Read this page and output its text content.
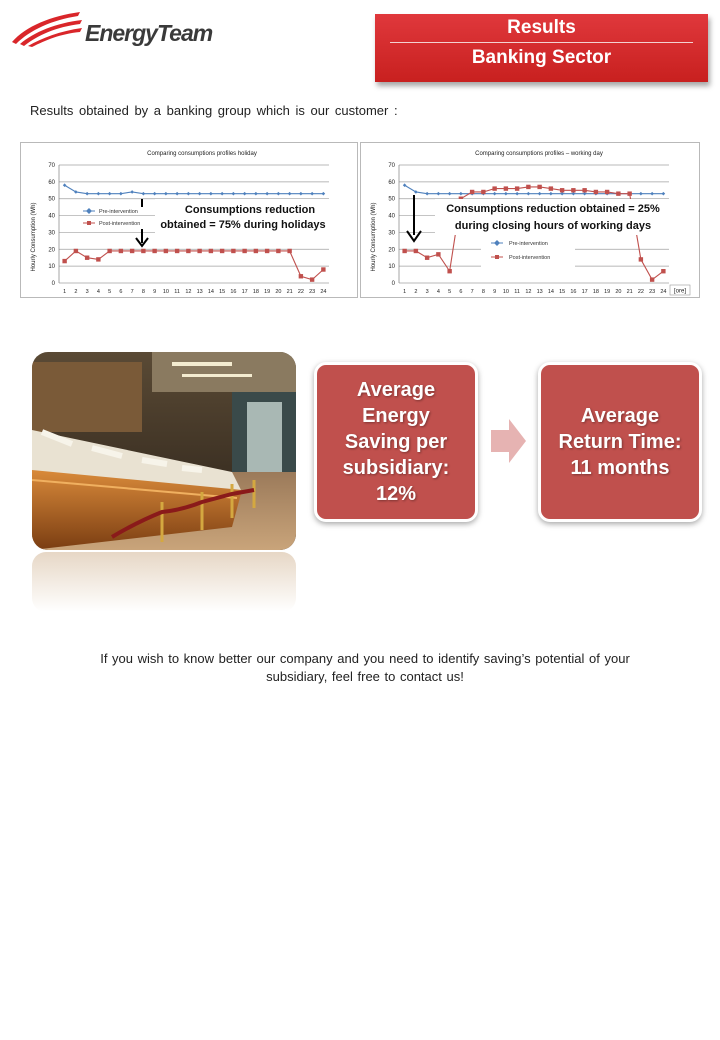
EnergyTeam	Results
Banking Sector
Results obtained by a banking group which is our customer :
Comparing consumptions profiles holiday
Hourly Consumption (Wh)
0
10
20
30
40
50
60
70
1 2 3 4 5 6 7 8 9 10 11 12 13 14 15 16 17 18 19 20 21 22 23 24
Pre-intervention
Post-intervention
Consumptions reduction
obtained = 75% during holidays
Comparing consumptions profiles – working day
Hourly Consumption (Wh)
0
10
20
30
40
50
60
70
1 2 3 4 5 6 7 8 9 10 11 12 13 14 15 16 17 18 19 20 21 22 23 24 [ore]
Consumptions reduction obtained = 25%
during closing hours of working days
Pre-intervention
Post-intervention
Average
Energy
Saving per
subsidiary:
12%
Average
Return Time:
11 months
If you wish to know better our company and you need to identify saving’s potential of your
subsidiary, feel free to contact us!
